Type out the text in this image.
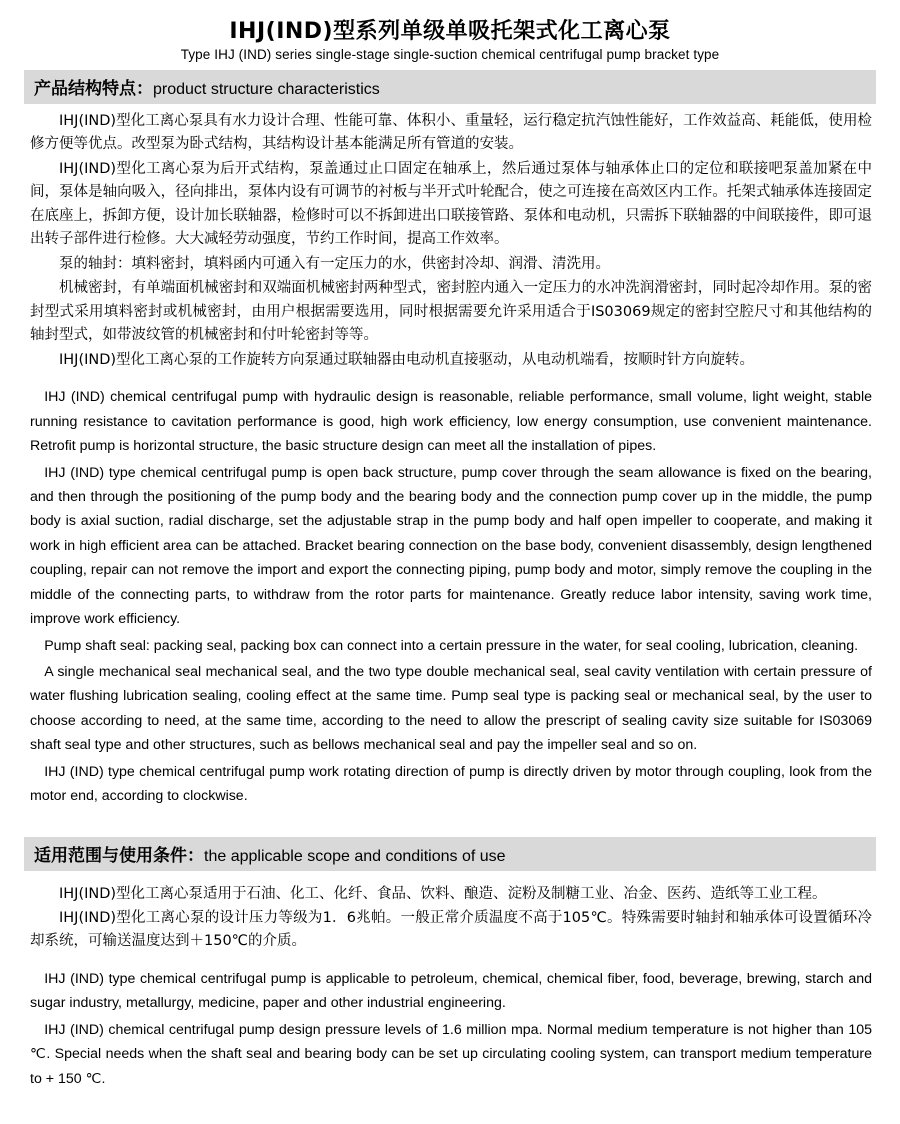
IHJ(IND)型系列单级单吸托架式化工离心泵
Type IHJ (IND) series single-stage single-suction chemical centrifugal pump bracket type
产品结构特点：product structure characteristics

IHJ(IND)型化工离心泵具有水力设计合理、性能可靠、体积小、重量轻，运行稳定抗汽蚀性能好，工作效益高、耗能低，使用检修方便等优点。改型泵为卧式结构，其结构设计基本能满足所有管道的安装。

IHJ(IND)型化工离心泵为后开式结构，泵盖通过止口固定在轴承上，然后通过泵体与轴承体止口的定位和联接吧泵盖加紧在中间，泵体是轴向吸入，径向排出，泵体内设有可调节的衬板与半开式叶轮配合，使之可连接在高效区内工作。托架式轴承体连接固定在底座上，拆卸方便，设计加长联轴器，检修时可以不拆卸进出口联接管路、泵体和电动机，只需拆下联轴器的中间联接件，即可退出转子部件进行检修。大大减轻劳动强度，节约工作时间，提高工作效率。

泵的轴封：填料密封，填料函内可通入有一定压力的水，供密封冷却、润滑、清洗用。

机械密封，有单端面机械密封和双端面机械密封两种型式，密封腔内通入一定压力的水冲洗润滑密封，同时起冷却作用。泵的密封型式采用填料密封或机械密封，由用户根据需要选用，同时根据需要允许采用适合于IS03069规定的密封空腔尺寸和其他结构的轴封型式，如带波纹管的机械密封和付叶轮密封等等。

IHJ(IND)型化工离心泵的工作旋转方向泵通过联轴器由电动机直接驱动，从电动机端看，按顺时针方向旋转。

IHJ (IND) chemical centrifugal pump with hydraulic design is reasonable, reliable performance, small volume, light weight, stable running resistance to cavitation performance is good, high work efficiency, low energy consumption, use convenient maintenance. Retrofit pump is horizontal structure, the basic structure design can meet all the installation of pipes.

IHJ (IND) type chemical centrifugal pump is open back structure, pump cover through the seam allowance is fixed on the bearing, and then through the positioning of the pump body and the bearing body and the connection pump cover up in the middle, the pump body is axial suction, radial discharge, set the adjustable strap in the pump body and half open impeller to cooperate, and making it work in high efficient area can be attached. Bracket bearing connection on the base body, convenient disassembly, design lengthened coupling, repair can not remove the import and export the connecting piping, pump body and motor, simply remove the coupling in the middle of the connecting parts, to withdraw from the rotor parts for maintenance. Greatly reduce labor intensity, saving work time, improve work efficiency.

Pump shaft seal: packing seal, packing box can connect into a certain pressure in the water, for seal cooling, lubrication, cleaning.

A single mechanical seal mechanical seal, and the two type double mechanical seal, seal cavity ventilation with certain pressure of water flushing lubrication sealing, cooling effect at the same time. Pump seal type is packing seal or mechanical seal, by the user to choose according to need, at the same time, according to the need to allow the prescript of sealing cavity size suitable for IS03069 shaft seal type and other structures, such as bellows mechanical seal and pay the impeller seal and so on.

IHJ (IND) type chemical centrifugal pump work rotating direction of pump is directly driven by motor through coupling, look from the motor end, according to clockwise.

适用范围与使用条件：the applicable scope and conditions of use

IHJ(IND)型化工离心泵适用于石油、化工、化纤、食品、饮料、酿造、淀粉及制糖工业、冶金、医药、造纸等工业工程。

IHJ(IND)型化工离心泵的设计压力等级为1．6兆帕。一般正常介质温度不高于105℃。特殊需要时轴封和轴承体可设置循环冷却系统，可输送温度达到＋150℃的介质。

IHJ (IND) type chemical centrifugal pump is applicable to petroleum, chemical, chemical fiber, food, beverage, brewing, starch and sugar industry, metallurgy, medicine, paper and other industrial engineering.

IHJ (IND) chemical centrifugal pump design pressure levels of 1.6 million mpa. Normal medium temperature is not higher than 105 ℃. Special needs when the shaft seal and bearing body can be set up circulating cooling system, can transport medium temperature to + 150 ℃.
